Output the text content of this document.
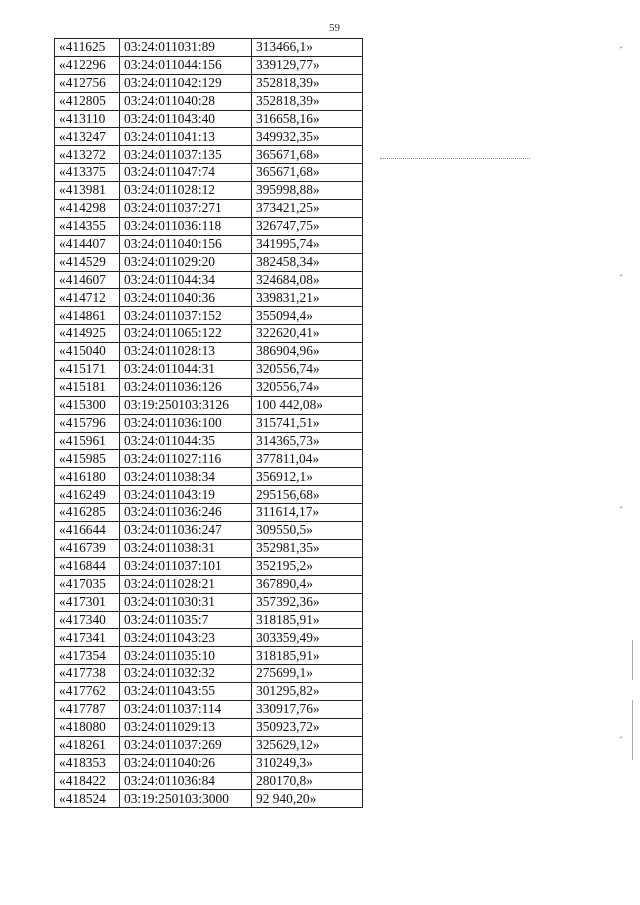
59
«411625	03:24:011031:89	313466,1»
«412296	03:24:011044:156	339129,77»
«412756	03:24:011042:129	352818,39»
«412805	03:24:011040:28	352818,39»
«413110	03:24:011043:40	316658,16»
«413247	03:24:011041:13	349932,35»
«413272	03:24:011037:135	365671,68»
«413375	03:24:011047:74	365671,68»
«413981	03:24:011028:12	395998,88»
«414298	03:24:011037:271	373421,25»
«414355	03:24:011036:118	326747,75»
«414407	03:24:011040:156	341995,74»
«414529	03:24:011029:20	382458,34»
«414607	03:24:011044:34	324684,08»
«414712	03:24:011040:36	339831,21»
«414861	03:24:011037:152	355094,4»
«414925	03:24:011065:122	322620,41»
«415040	03:24:011028:13	386904,96»
«415171	03:24:011044:31	320556,74»
«415181	03:24:011036:126	320556,74»
«415300	03:19:250103:3126	100 442,08»
«415796	03:24:011036:100	315741,51»
«415961	03:24:011044:35	314365,73»
«415985	03:24:011027:116	377811,04»
«416180	03:24:011038:34	356912,1»
«416249	03:24:011043:19	295156,68»
«416285	03:24:011036:246	311614,17»
«416644	03:24:011036:247	309550,5»
«416739	03:24:011038:31	352981,35»
«416844	03:24:011037:101	352195,2»
«417035	03:24:011028:21	367890,4»
«417301	03:24:011030:31	357392,36»
«417340	03:24:011035:7	318185,91»
«417341	03:24:011043:23	303359,49»
«417354	03:24:011035:10	318185,91»
«417738	03:24:011032:32	275699,1»
«417762	03:24:011043:55	301295,82»
«417787	03:24:011037:114	330917,76»
«418080	03:24:011029:13	350923,72»
«418261	03:24:011037:269	325629,12»
«418353	03:24:011040:26	310249,3»
«418422	03:24:011036:84	280170,8»
«418524	03:19:250103:3000	92 940,20»
ˊ
ˊ
ˊ
ˊ
